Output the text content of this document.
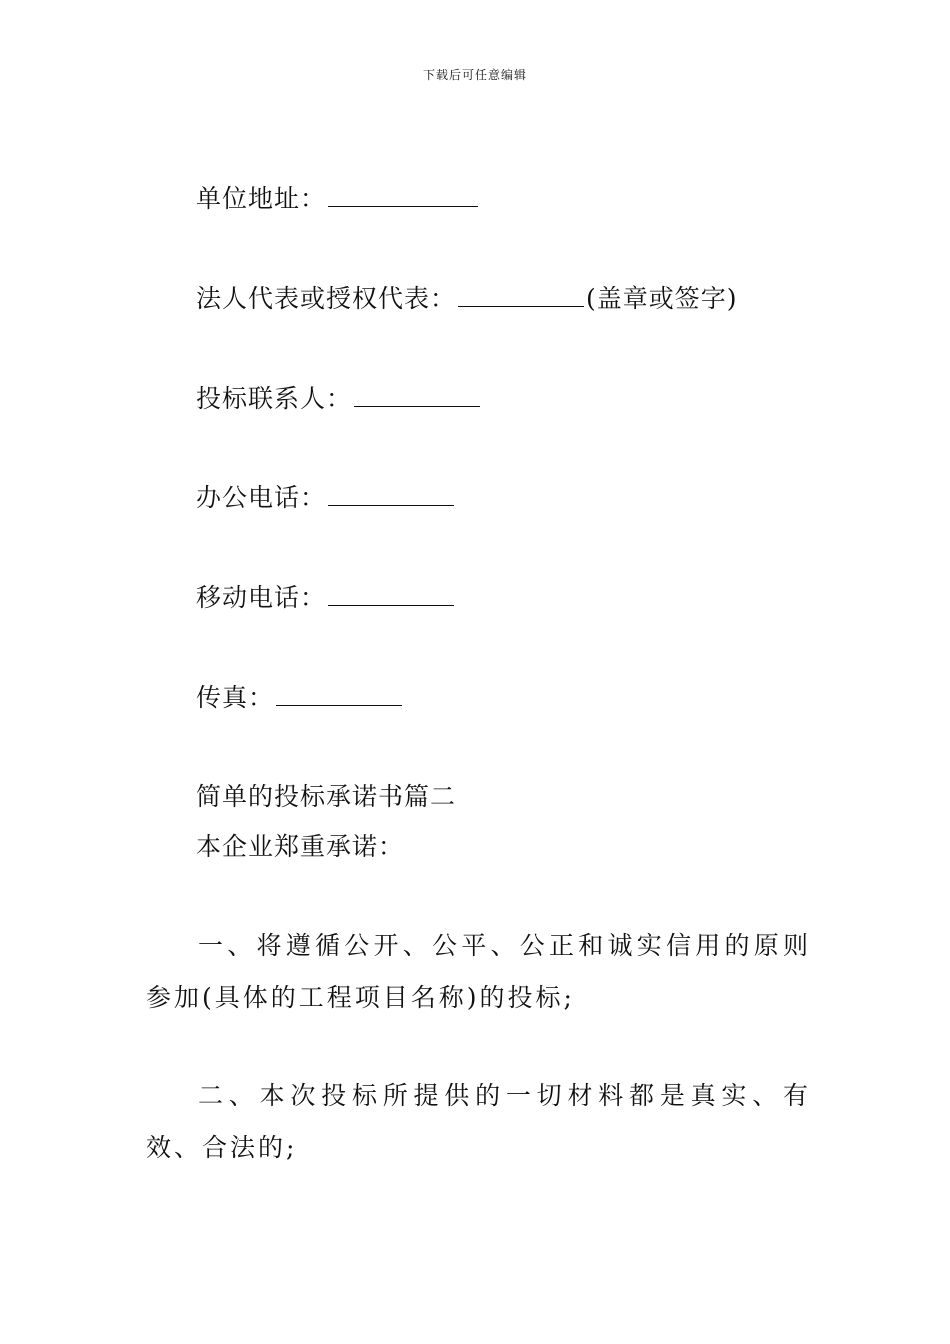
下载后可任意编辑
单位地址：
法人代表或授权代表：	(盖章或签字)
投标联系人：
办公电话：
移动电话：
传真：
简单的投标承诺书篇二
本企业郑重承诺：
一、将遵循公开、公平、公正和诚实信用的原则参加(具体的工程项目名称)的投标;
二、本次投标所提供的一切材料都是真实、有效、合法的;
